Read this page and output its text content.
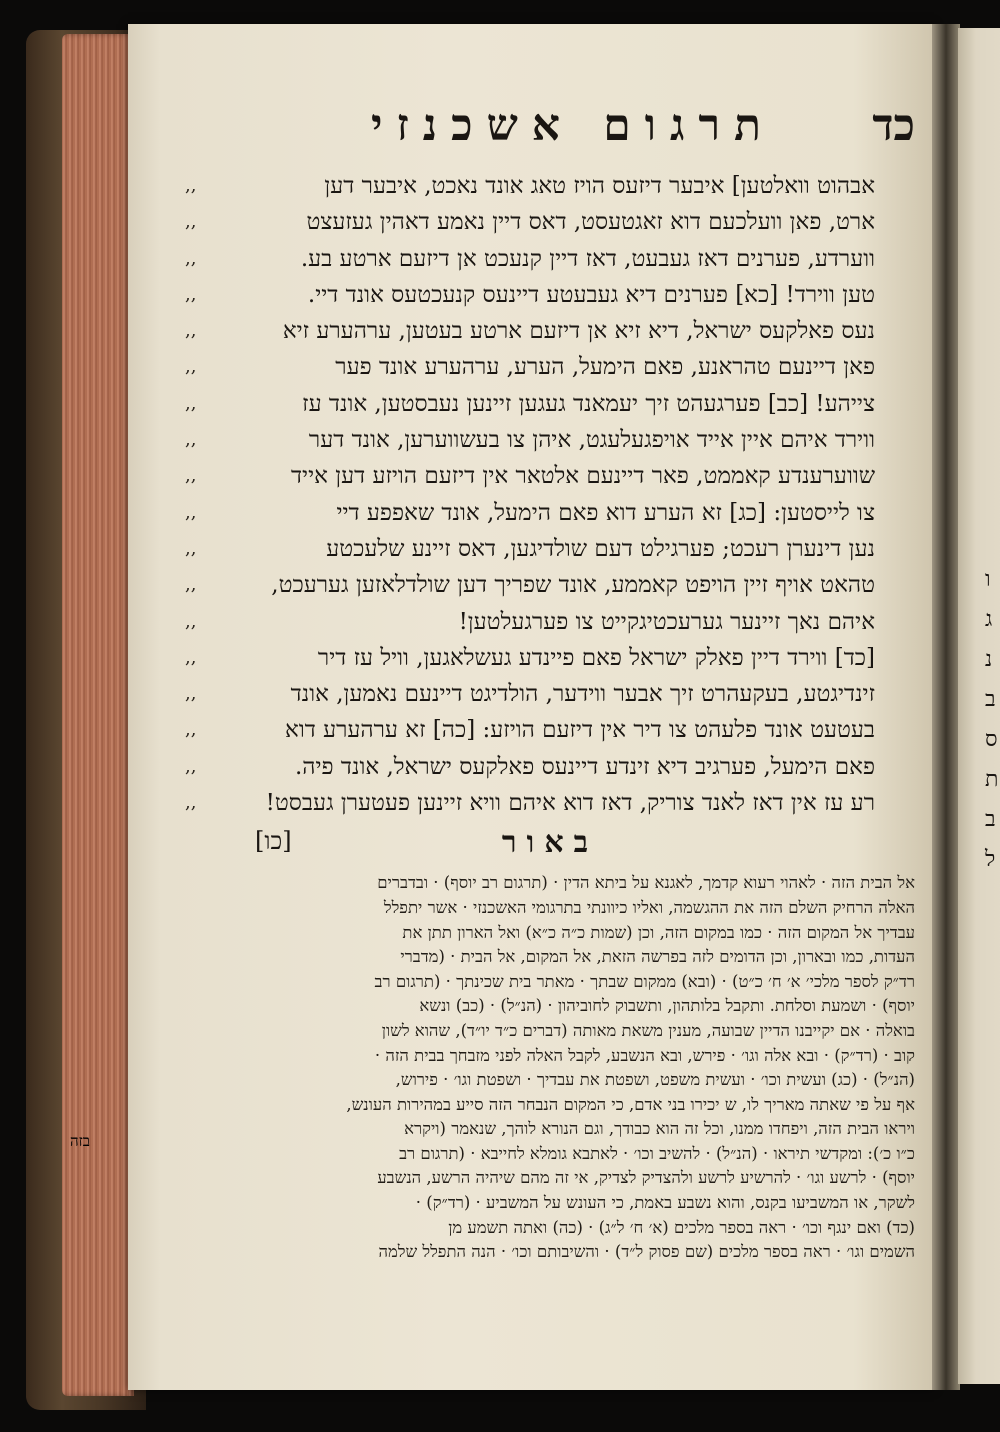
ו
ג
נ
ב
ס
ת
ב
ל
תרגום אשכנזי כד
,,	אבהוט וואלטען] איבער דיזעס הויז טאג אונד נאכט, איבער דען
,,	ארט, פאן וועלכעם דוא זאגטעסט, דאס דיין נאמע דאהין געזעצט
,,	ווערדע, פערנים דאז געבעט, דאז דיין קנעכט אן דיזעם ארטע בע.
,,	טען ווירד! [כא] פערנים דיא געבעטע דיינעס קנעכטעס אונד דיי.
,,	נעס פאלקעס ישראל, דיא זיא אן דיזעם ארטע בעטען, ערהערע זיא
,,	פאן דיינעם טהראנע, פאם הימעל, הערע, ערהערע אונד פער
,,	צייהע! [כב] פערגעהט זיך יעמאנד געגען זיינען נעבסטען, אונד עז
,,	ווירד איהם איין אייד אויפגעלעגט, איהן צו בעשווערען, אונד דער
,,	שווערענדע קאממט, פאר דיינעם אלטאר אין דיזעם הויזע דען אייד
,,	צו לייסטען: [כג] זא הערע דוא פאם הימעל, אונד שאפפע דיי
,,	נען דינערן רעכט; פערגילט דעם שולדיגען, דאס זיינע שלעכטע
,,	טהאט אויף זיין הויפט קאממע, אונד שפריך דען שולדלאזען גערעכט,
,,	איהם נאך זיינער גערעכטיגקייט צו פערגעלטען!
,,	[כד] ווירד דיין פאלק ישראל פאם פיינדע געשלאגען, וויל עז דיר
,,	זינדיגטע, בעקעהרט זיך אבער ווידער, הולדיגט דיינעם נאמען, אונד
,,	בעטעט אונד פלעהט צו דיר אין דיזעם הויזע: [כה] זא ערהערע דוא
,,	פאם הימעל, פערגיב דיא זינדע דיינעס פאלקעס ישראל, אונד פיה.
,,	רע עז אין דאז לאנד צוריק, דאז דוא איהם וויא זיינען פעטערן געבסט!
באור
[כו]
אל הבית הזה · לאהוי רעוא קדמך, לאגנא על ביתא הדין · (תרגום רב יוסף) · ובדברים
האלה הרחיק השלם הזה את ההגשמה, ואליו כיוונתי בתרגומי האשכנזי · אשר יתפלל
עבדיך אל המקום הזה · כמו במקום הזה, וכן (שמות כ״ה כ״א) ואל הארון תתן את
העדות, כמו ובארון, וכן הדומים לזה בפרשה הזאת, אל המקום, אל הבית · (מדברי
רד״ק לספר מלכי׳ א׳ ח׳ כ״ט) · (ובא) ממקום שבתך · מאתר בית שכינתך · (תרגום רב
יוסף) · ושמעת וסלחת. ותקבל בלותהון, ותשבוק לחוביהון · (הנ״ל) · (כב) ונשא
בואלה · אם יקייבנו הדיין שבועה, מענין משאת מאותה (דברים כ״ד יו״ד), שהוא לשון
קוב · (רד״ק) · ובא אלה וגו׳ · פירש, ובא הנשבע, לקבל האלה לפני מזבחך בבית הזה ·
(הנ״ל) · (כג) ועשית וכו׳ · ועשית משפט, ושפטת את עבדיך · ושפטת וגו׳ · פירוש,
אף על פי שאתה מאריך לו, ש יכירו בני אדם, כי המקום הנבחר הזה סייע במהירות העונש,
ויראו הבית הזה, ויפחדו ממנו, וכל זה הוא כבודך, וגם הנורא לוהך, שנאמר (ויקרא
כ״ו כ׳): ומקדשי תיראו · (הנ״ל) · להשיב וכו׳ · לאתבא גומלא לחייבא · (תרגום רב
יוסף) · לרשע וגו׳ · להרשיע לרשע ולהצדיק לצדיק, אי זה מהם שיהיה הרשע, הנשבע
לשקר, או המשביעו בקנס, והוא נשבע באמת, כי העונש על המשביע · (רד״ק) ·
(כד) ואם ינגף וכו׳ · ראה בספר מלכים (א׳ ח׳ ל״ג) · (כה) ואתה תשמע מן
השמים וגו׳ · ראה בספר מלכים (שם פסוק ל״ד) · והשיבותם וכו׳ · הנה התפלל שלמה
בזה
